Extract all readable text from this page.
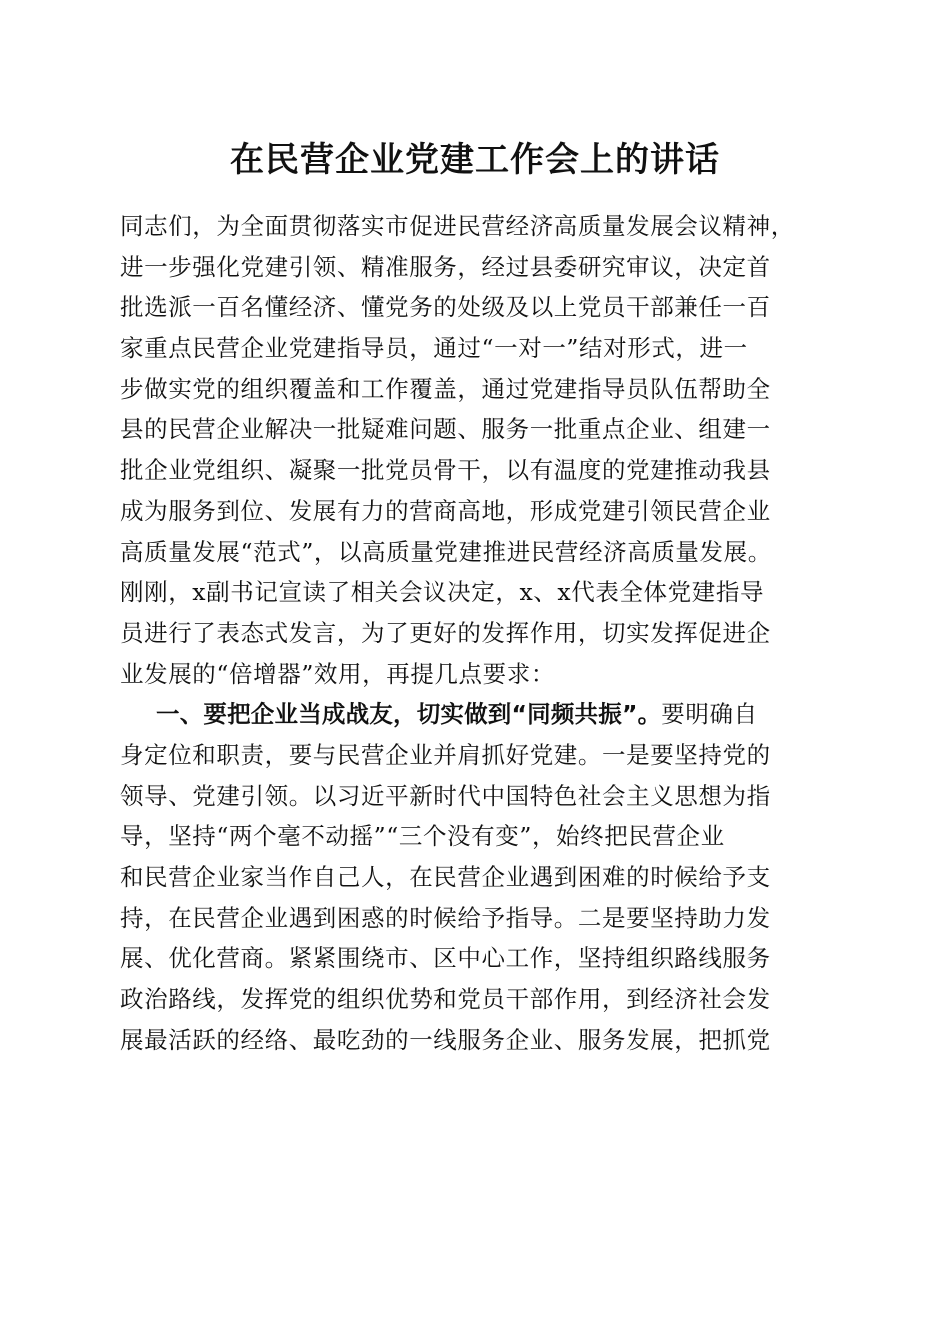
在民营企业党建工作会上的讲话
同志们，为全面贯彻落实市促进民营经济高质量发展会议精神，
进一步强化党建引领、精准服务，经过县委研究审议，决定首
批选派一百名懂经济、懂党务的处级及以上党员干部兼任一百
家重点民营企业党建指导员，通过“一对一”结对形式，进一
步做实党的组织覆盖和工作覆盖，通过党建指导员队伍帮助全
县的民营企业解决一批疑难问题、服务一批重点企业、组建一
批企业党组织、凝聚一批党员骨干，以有温度的党建推动我县
成为服务到位、发展有力的营商高地，形成党建引领民营企业
高质量发展“范式”，以高质量党建推进民营经济高质量发展。
刚刚，x副书记宣读了相关会议决定，x、x代表全体党建指导
员进行了表态式发言，为了更好的发挥作用，切实发挥促进企
业发展的“倍增器”效用，再提几点要求：
一、要把企业当成战友，切实做到“同频共振”。要明确自
身定位和职责，要与民营企业并肩抓好党建。一是要坚持党的
领导、党建引领。以习近平新时代中国特色社会主义思想为指
导，坚持“两个毫不动摇”“三个没有变”，始终把民营企业
和民营企业家当作自己人，在民营企业遇到困难的时候给予支
持，在民营企业遇到困惑的时候给予指导。二是要坚持助力发
展、优化营商。紧紧围绕市、区中心工作，坚持组织路线服务
政治路线，发挥党的组织优势和党员干部作用，到经济社会发
展最活跃的经络、最吃劲的一线服务企业、服务发展，把抓党
